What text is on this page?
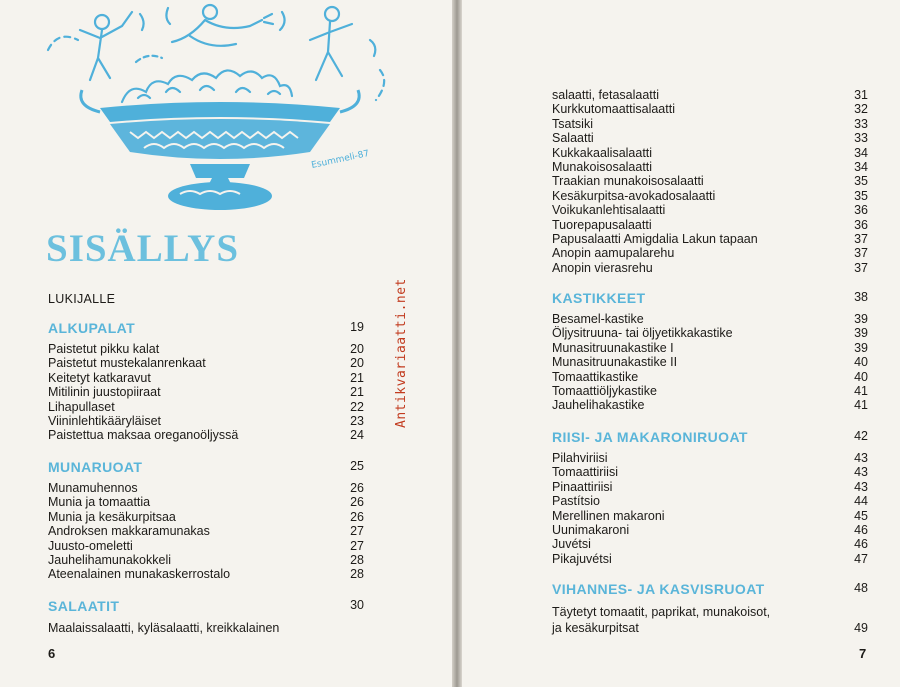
Esummeli-87
SISÄLLYS
LUKIJALLE
ALKUPALAT	19
Paistetut pikku kalat	20
Paistetut mustekalanrenkaat	20
Keitetyt katkaravut	21
Mitilinin juustopiiraat	21
Lihapullaset	22
Viininlehtikääryläiset	23
Paistettua maksaa oreganoöljyssä	24
MUNARUOAT	25
Munamuhennos	26
Munia ja tomaattia	26
Munia ja kesäkurpitsaa	26
Androksen makkaramunakas	27
Juusto-omeletti	27
Jauhelihamunakokkeli	28
Ateenalainen munakaskerrostalo	28
SALAATIT	30
Maalaissalaatti, kyläsalaatti, kreikkalainen
6
Antikvariaatti.net
salaatti, fetasalaatti	31
Kurkkutomaattisalaatti	32
Tsatsiki	33
Salaatti	33
Kukkakaalisalaatti	34
Munakoisosalaatti	34
Traakian munakoisosalaatti	35
Kesäkurpitsa-avokadosalaatti	35
Voikukanlehtisalaatti	36
Tuorepapusalaatti	36
Papusalaatti Amigdalia Lakun tapaan	37
Anopin aamupalarehu	37
Anopin vierasrehu	37
KASTIKKEET	38
Besamel-kastike	39
Öljysitruuna- tai öljyetikkakastike	39
Munasitruunakastike I	39
Munasitruunakastike II	40
Tomaattikastike	40
Tomaattiöljykastike	41
Jauhelihakastike	41
RIISI- JA MAKARONIRUOAT	42
Pilahviriisi	43
Tomaattiriisi	43
Pinaattiriisi	43
Pastítsio	44
Merellinen makaroni	45
Uunimakaroni	46
Juvétsi	46
Pikajuvétsi	47
VIHANNES- JA KASVISRUOAT	48
Täytetyt tomaatit, paprikat, munakoisot,
ja kesäkurpitsat	49
7
